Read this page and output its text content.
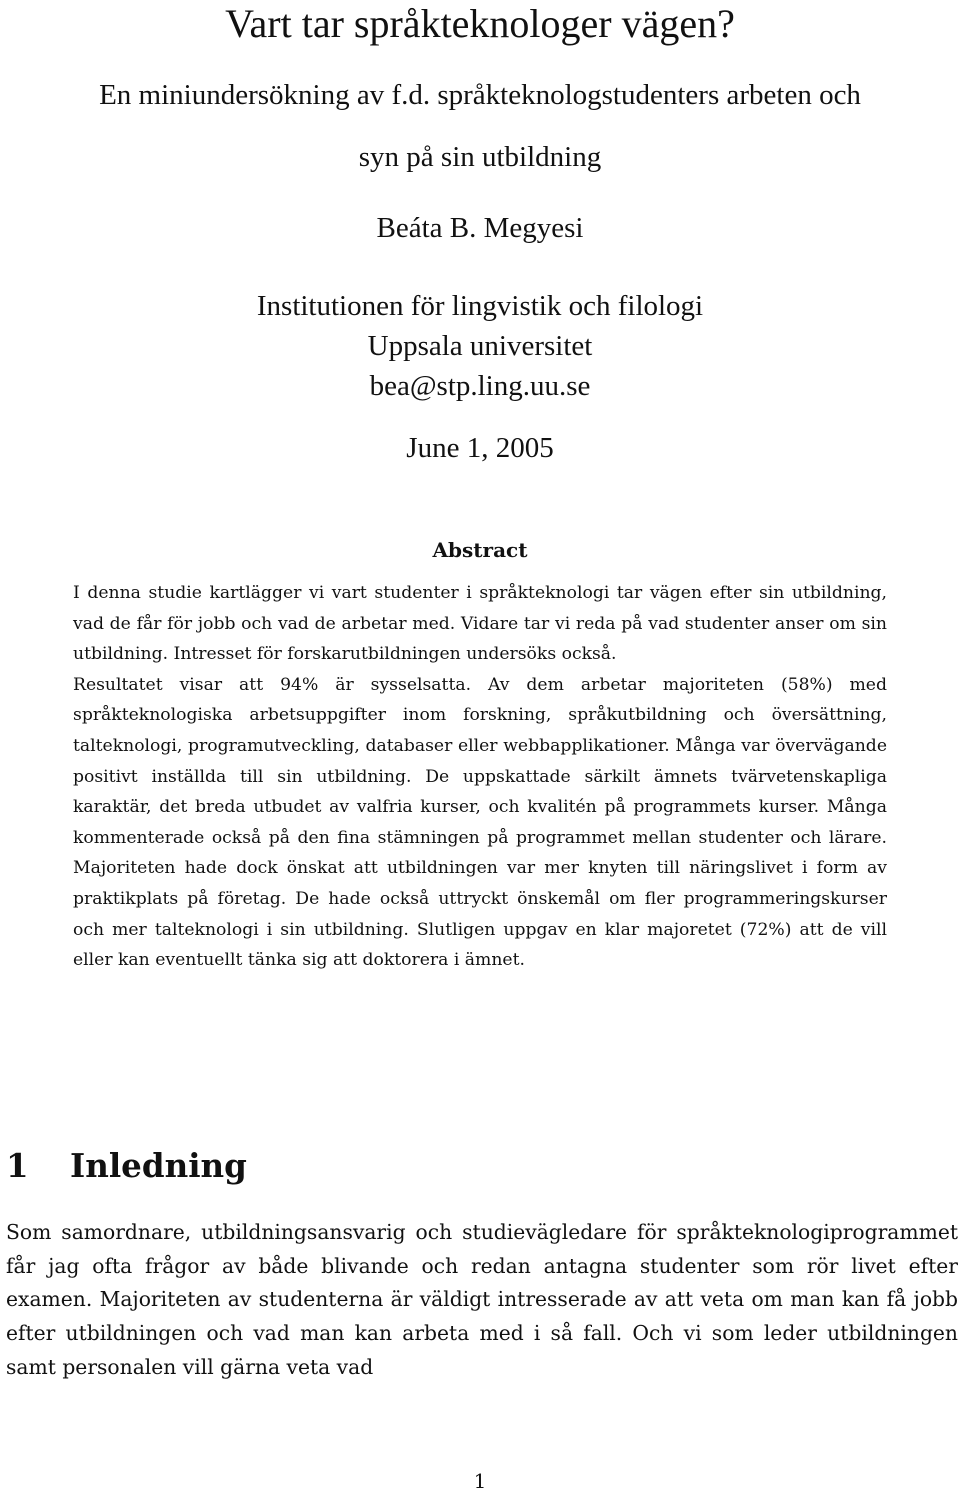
Vart tar språkteknologer vägen?
En miniundersökning av f.d. språkteknologstudenters arbeten och
syn på sin utbildning
Beáta B. Megyesi
Institutionen för lingvistik och filologi
Uppsala universitet
bea@stp.ling.uu.se
June 1, 2005
Abstract

I denna studie kartlägger vi vart studenter i språkteknologi tar vägen efter sin utbildning, vad de får för jobb och vad de arbetar med. Vidare tar vi reda på vad studenter anser om sin utbildning. Intresset för forskarutbildningen undersöks också.

Resultatet visar att 94% är sysselsatta. Av dem arbetar majoriteten (58%) med språkteknologiska arbetsuppgifter inom forskning, språkutbildning och översättning, talteknologi, programutveckling, databaser eller webbapplikationer. Många var övervägande positivt inställda till sin utbildning. De uppskattade särkilt ämnets tvärvetenskapliga karaktär, det breda utbudet av valfria kurser, och kvalitén på programmets kurser. Många kommenterade också på den fina stämningen på programmet mellan studenter och lärare. Majoriteten hade dock önskat att utbildningen var mer knyten till näringslivet i form av praktikplats på företag. De hade också uttryckt önskemål om fler programmeringskurser och mer talteknologi i sin utbildning. Slutligen uppgav en klar majoretet (72%) att de vill eller kan eventuellt tänka sig att doktorera i ämnet.

1 Inledning

Som samordnare, utbildningsansvarig och studievägledare för språkteknologiprogrammet får jag ofta frågor av både blivande och redan antagna studenter som rör livet efter examen. Majoriteten av studenterna är väldigt intresserade av att veta om man kan få jobb efter utbildningen och vad man kan arbeta med i så fall. Och vi som leder utbildningen samt personalen vill gärna veta vad

1
